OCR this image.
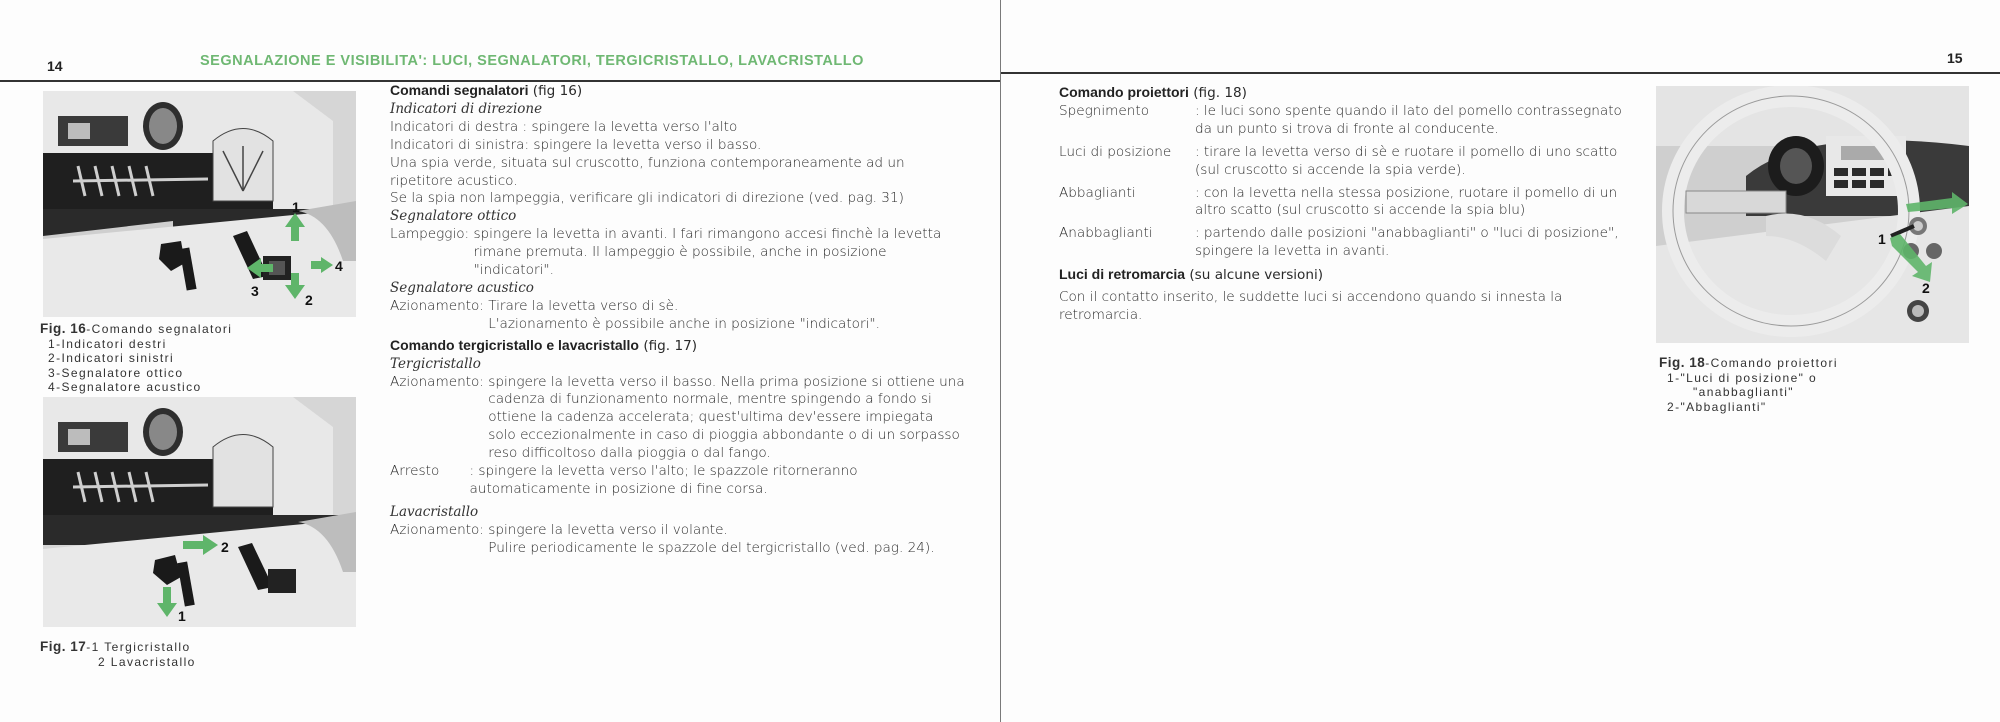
14	SEGNALAZIONE E VISIBILITA': LUCI, SEGNALATORI, TERGICRISTALLO, LAVACRISTALLO
1
2
3
4
Fig. 16-Comando segnalatori
1-Indicatori destri
2-Indicatori sinistri
3-Segnalatore ottico
4-Segnalatore acustico
2
1
Fig. 17-1 Tergicristallo
2 Lavacristallo
Comandi segnalatori (fig 16)
Indicatori di direzione
Indicatori di destra : spingere la levetta verso l'alto
Indicatori di sinistra: spingere la levetta verso il basso.
Una spia verde, situata sul cruscotto, funziona contemporaneamente ad un ripetitore acustico.
Se la spia non lampeggia, verificare gli indicatori di direzione (ved. pag. 31)
Segnalatore ottico
Lampeggio: spingere la levetta in avanti. I fari rimangono accesi finchè la levetta rimane premuta. Il lampeggio è possibile, anche in posizione "indicatori".
Segnalatore acustico
Azionamento: Tirare la levetta verso di sè.
L'azionamento è possibile anche in posizione "indicatori".
Comando tergicristallo e lavacristallo (fig. 17)
Tergicristallo
Azionamento: spingere la levetta verso il basso. Nella prima posizione si ottiene una cadenza di funzionamento normale, mentre spingendo a fondo si ottiene la cadenza accelerata; quest'ultima dev'essere impiegata solo eccezionalmente in caso di pioggia abbondante o di un sorpasso reso difficoltoso dalla pioggia o dal fango.
Arresto : spingere la levetta verso l'alto; le spazzole ritorneranno automaticamente in posizione di fine corsa.
Lavacristallo
Azionamento: spingere la levetta verso il volante.
Pulire periodicamente le spazzole del tergicristallo (ved. pag. 24).
15
Comando proiettori (fig. 18)
Spegnimento	: le luci sono spente quando il lato del pomello contrassegnato da un punto si trova di fronte al conducente.
Luci di posizione	: tirare la levetta verso di sè e ruotare il pomello di uno scatto (sul cruscotto si accende la spia verde).
Abbaglianti	: con la levetta nella stessa posizione, ruotare il pomello di un altro scatto (sul cruscotto si accende la spia blu)
Anabbaglianti	: partendo dalle posizioni "anabbaglianti" o "luci di posizione", spingere la levetta in avanti.
Luci di retromarcia (su alcune versioni)
Con il contatto inserito, le suddette luci si accendono quando si innesta la retromarcia.
1
2
Fig. 18-Comando proiettori
1-"Luci di posizione" o
"anabbaglianti"
2-"Abbaglianti"
